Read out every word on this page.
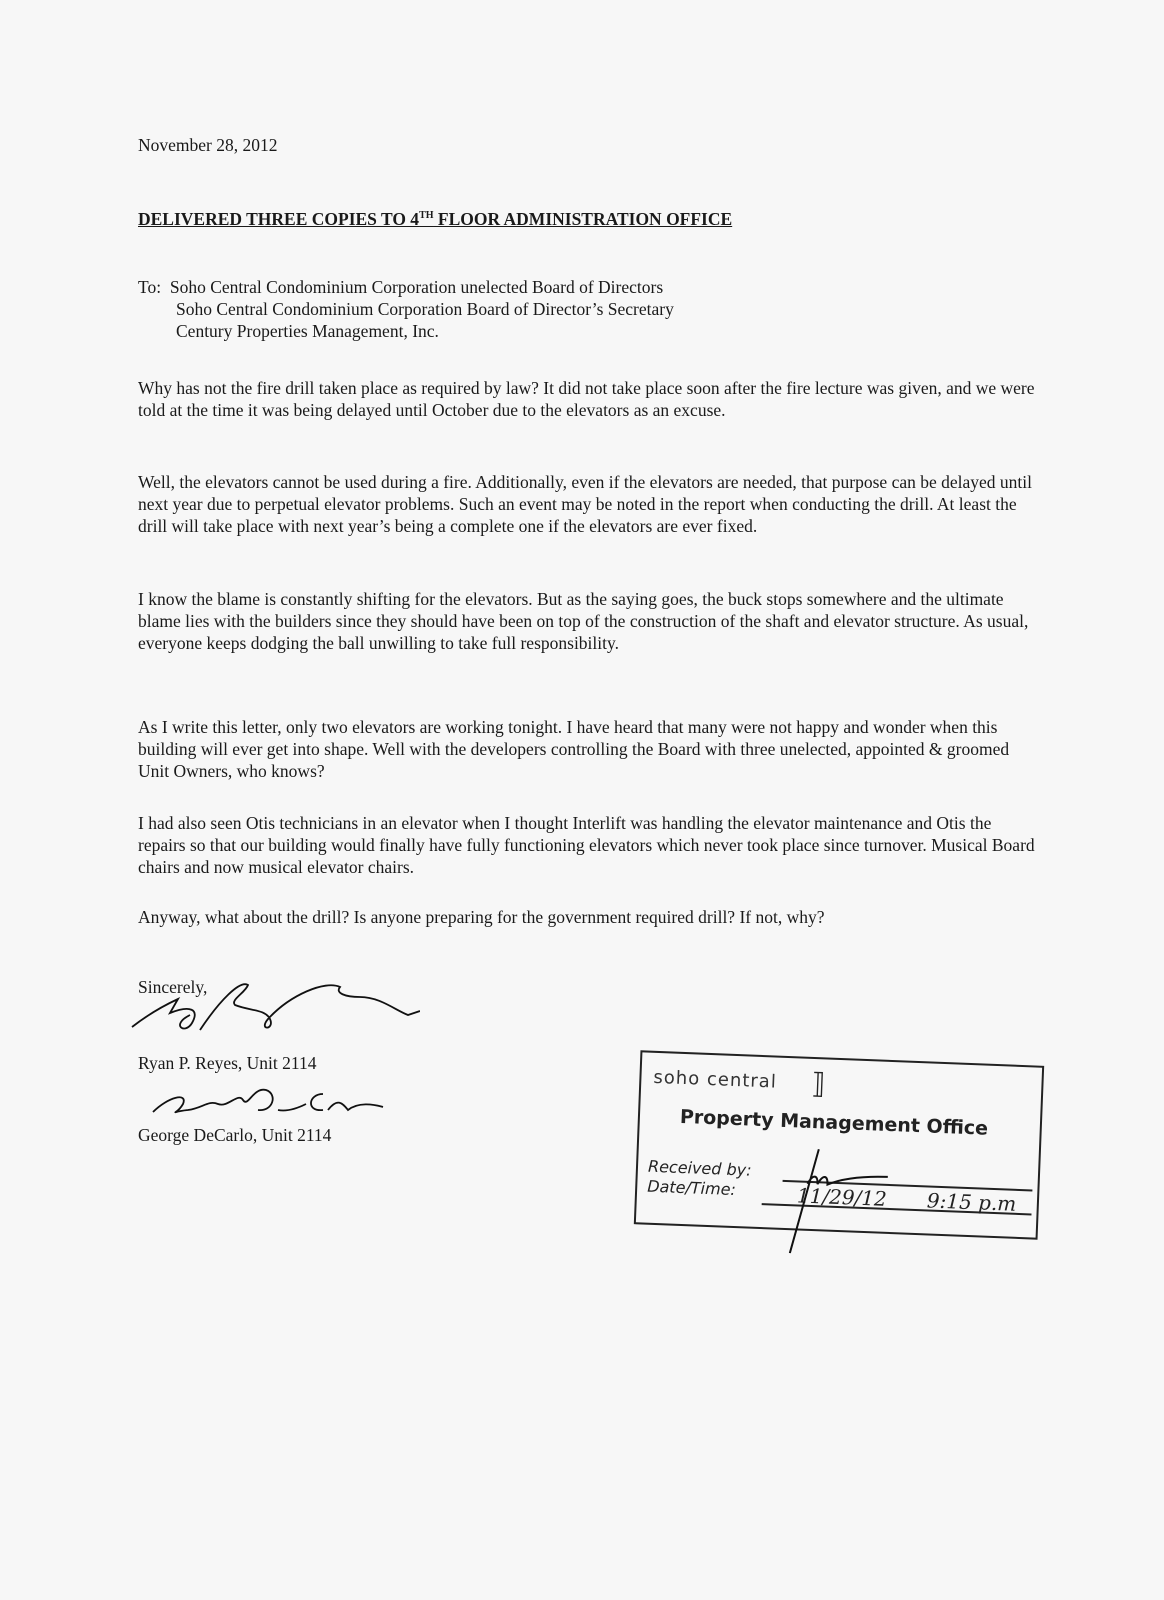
November 28, 2012
DELIVERED THREE COPIES TO 4TH FLOOR ADMINISTRATION OFFICE
To: Soho Central Condominium Corporation unelected Board of Directors
Soho Central Condominium Corporation Board of Director’s Secretary
Century Properties Management, Inc.
Why has not the fire drill taken place as required by law? It did not take place soon after the fire lecture was given, and we were told at the time it was being delayed until October due to the elevators as an excuse.
Well, the elevators cannot be used during a fire. Additionally, even if the elevators are needed, that purpose can be delayed until next year due to perpetual elevator problems. Such an event may be noted in the report when conducting the drill. At least the drill will take place with next year’s being a complete one if the elevators are ever fixed.
I know the blame is constantly shifting for the elevators. But as the saying goes, the buck stops somewhere and the ultimate blame lies with the builders since they should have been on top of the construction of the shaft and elevator structure. As usual, everyone keeps dodging the ball unwilling to take full responsibility.
As I write this letter, only two elevators are working tonight. I have heard that many were not happy and wonder when this building will ever get into shape. Well with the developers controlling the Board with three unelected, appointed & groomed Unit Owners, who knows?
I had also seen Otis technicians in an elevator when I thought Interlift was handling the elevator maintenance and Otis the repairs so that our building would finally have fully functioning elevators which never took place since turnover. Musical Board chairs and now musical elevator chairs.
Anyway, what about the drill? Is anyone preparing for the government required drill? If not, why?
Sincerely,
Ryan P. Reyes, Unit 2114
George DeCarlo, Unit 2114
soho central ⟧
Property Management Office
Received by:
Date/Time:	11/29/12 9:15 p.m
